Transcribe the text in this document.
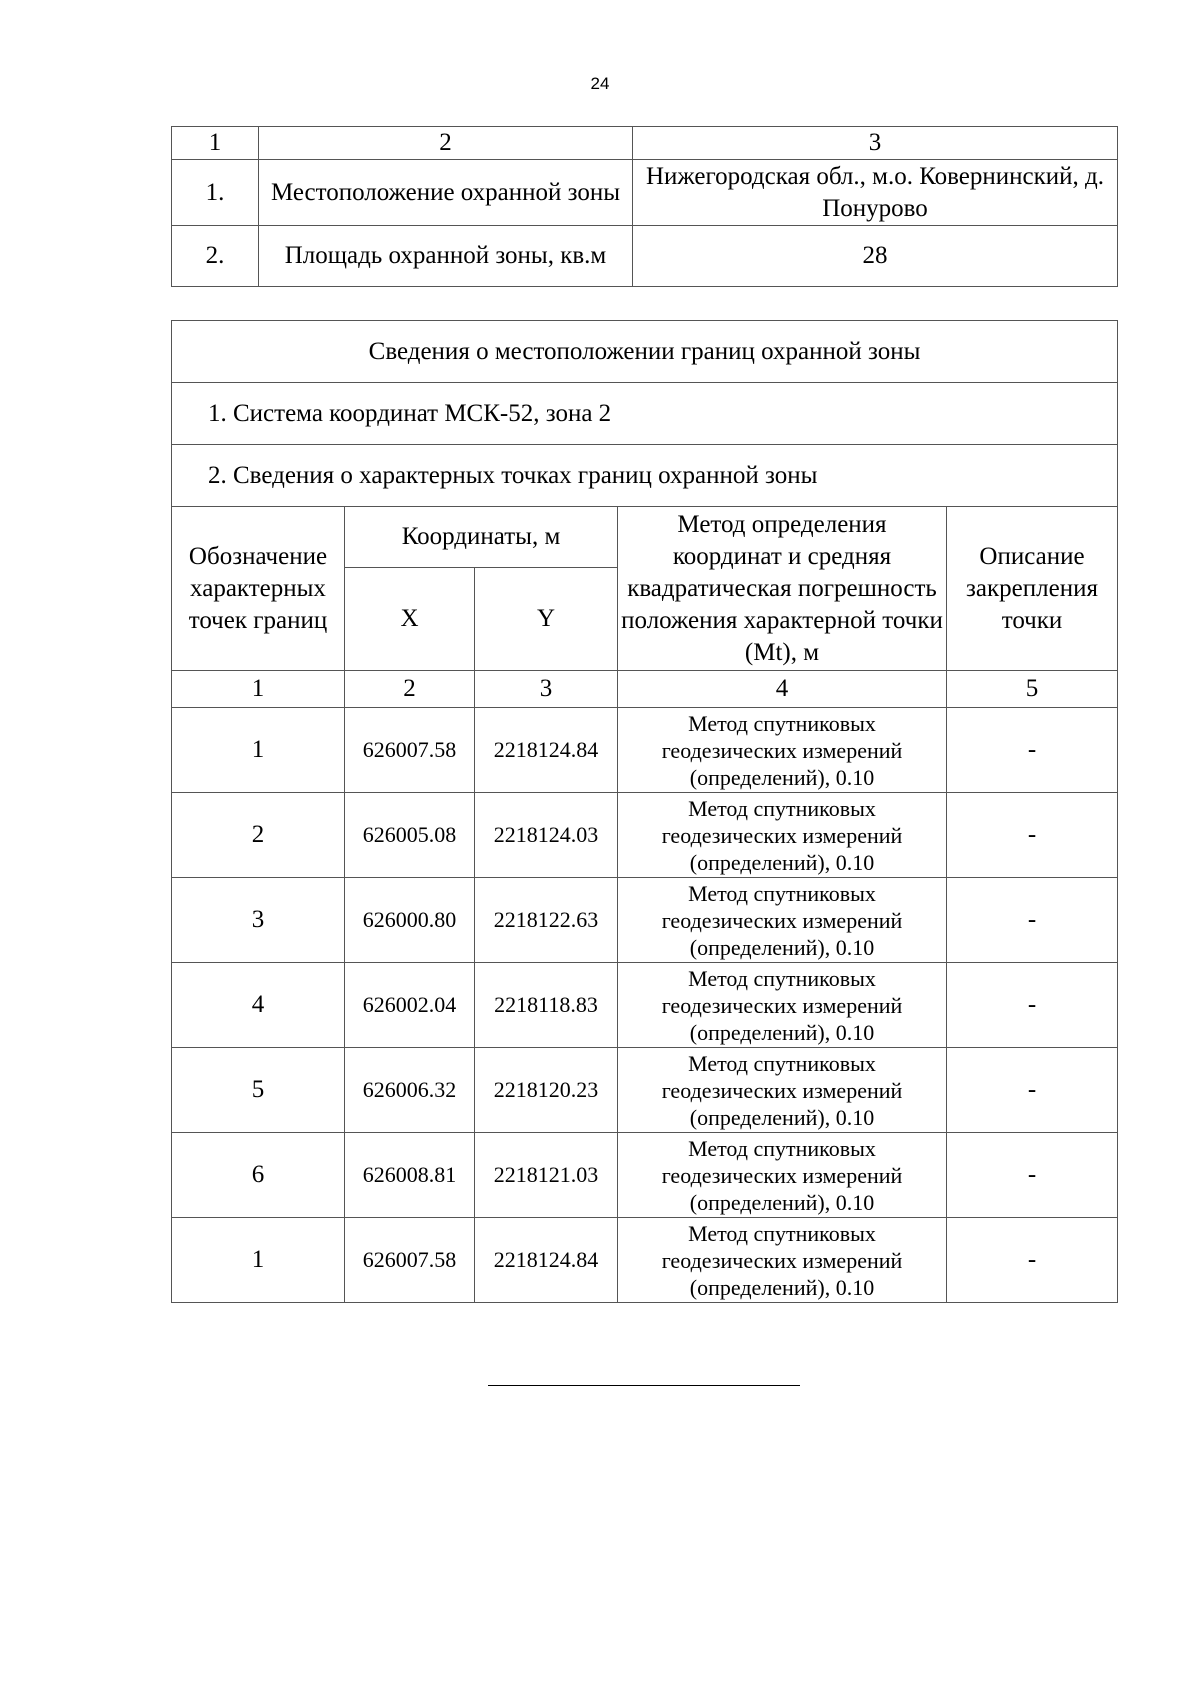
24
1	2	3
1.	Местоположение охранной зоны	Нижегородская обл., м.о. Ковернинский, д. Понурово
2.	Площадь охранной зоны, кв.м	28
Сведения о местоположении границ охранной зоны				
1. Система координат МСК-52, зона 2				
2. Сведения о характерных точках границ охранной зоны				
Обозначение характерных точек границ	Координаты, м		Метод определения координат и средняя квадратическая погрешность положения характерной точки (Mt), м	Описание закрепления точки
	X	Y		
1	2	3	4	5
1	626007.58	2218124.84	Метод спутниковых геодезических измерений (определений), 0.10	-
2	626005.08	2218124.03	Метод спутниковых геодезических измерений (определений), 0.10	-
3	626000.80	2218122.63	Метод спутниковых геодезических измерений (определений), 0.10	-
4	626002.04	2218118.83	Метод спутниковых геодезических измерений (определений), 0.10	-
5	626006.32	2218120.23	Метод спутниковых геодезических измерений (определений), 0.10	-
6	626008.81	2218121.03	Метод спутниковых геодезических измерений (определений), 0.10	-
1	626007.58	2218124.84	Метод спутниковых геодезических измерений (определений), 0.10	-
